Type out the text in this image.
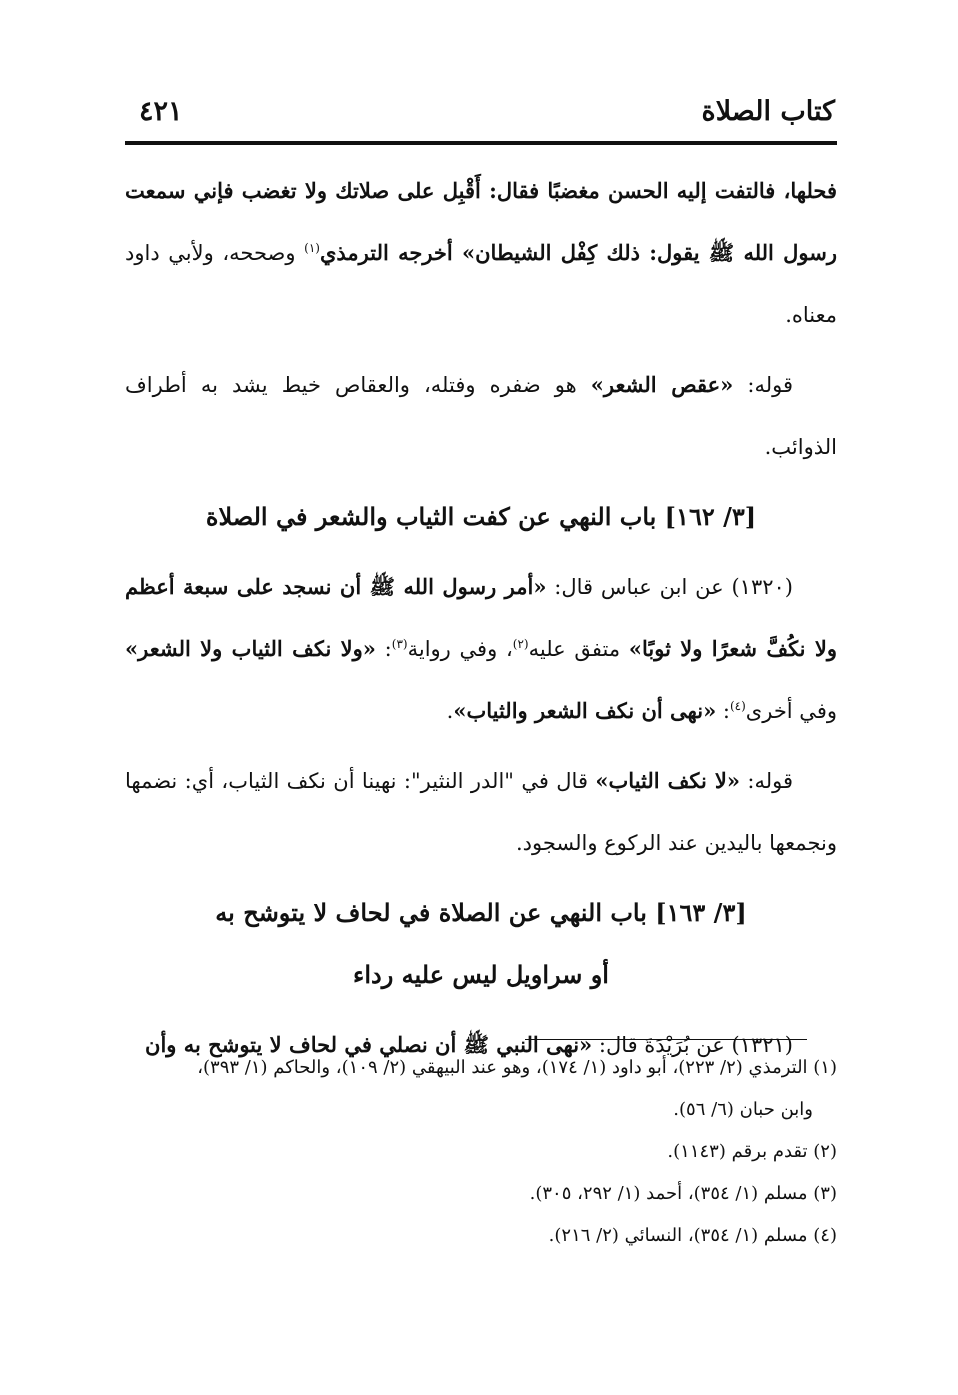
كتاب الصلاة
٤٢١

فحلها، فالتفت إليه الحسن مغضبًا فقال: أَقْبِل على صلاتك ولا تغضب فإني سمعت رسول الله ﷺ يقول: ذلك كِفْل الشيطان» أخرجه الترمذي$^{(١)}$ وصححه، ولأبي داود معناه.

قوله: «عقص الشعر» هو ضفره وفتله، والعقاص خيط يشد به أطراف الذوائب.

[٣/ ١٦٢] باب النهي عن كفت الثياب والشعر في الصلاة

(١٣٢٠) عن ابن عباس قال: «أمر رسول الله ﷺ أن نسجد على سبعة أعظم ولا نكُفَّ شعرًا ولا ثوبًا» متفق عليه$^{(٢)}$، وفي رواية$^{(٣)}$: «ولا نكف الثياب ولا الشعر» وفي أخرى$^{(٤)}$: «نهى أن نكف الشعر والثياب».

قوله: «لا نكف الثياب» قال في "الدر النثير": نهينا أن نكف الثياب، أي: نضمها ونجمعها باليدين عند الركوع والسجود.

[٣/ ١٦٣] باب النهي عن الصلاة في لحاف لا يتوشح به
أو سراويل ليس عليه رداء

(١٣٢١) عن بُرَيْدَةَ قال: «نهى النبي ﷺ أن نصلي في لحاف لا يتوشح به وأن

(١) الترمذي (٢/ ٢٢٣)، أبو داود (١/ ١٧٤)، وهو عند البيهقي (٢/ ١٠٩)، والحاكم (١/ ٣٩٣)،
وابن حبان (٦/ ٥٦).
(٢) تقدم برقم (١١٤٣).
(٣) مسلم (١/ ٣٥٤)، أحمد (١/ ٢٩٢، ٣٠٥).
(٤) مسلم (١/ ٣٥٤)، النسائي (٢/ ٢١٦).
